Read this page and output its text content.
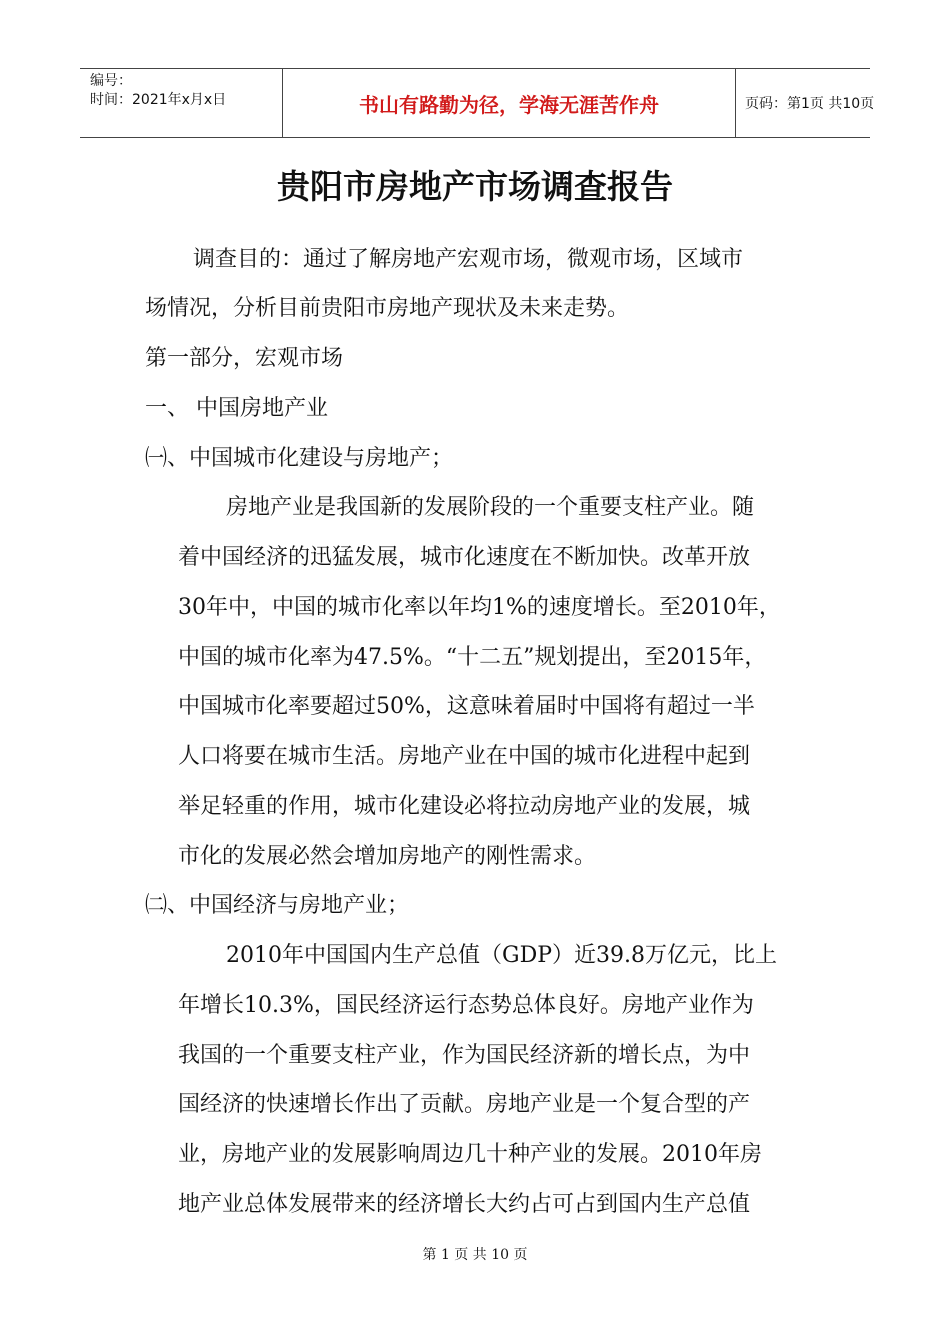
编号：
时间：2021年x月x日	书山有路勤为径，学海无涯苦作舟	页码：第1页 共10页
贵阳市房地产市场调查报告
调查目的：通过了解房地产宏观市场，微观市场，区域市
场情况，分析目前贵阳市房地产现状及未来走势。
第一部分，宏观市场
一、 中国房地产业
㈠、中国城市化建设与房地产；
房地产业是我国新的发展阶段的一个重要支柱产业。随
着中国经济的迅猛发展，城市化速度在不断加快。改革开放
30年中，中国的城市化率以年均1%的速度增长。至2010年，
中国的城市化率为47.5%。“十二五”规划提出，至2015年，
中国城市化率要超过50%，这意味着届时中国将有超过一半
人口将要在城市生活。房地产业在中国的城市化进程中起到
举足轻重的作用，城市化建设必将拉动房地产业的发展，城
市化的发展必然会增加房地产的刚性需求。
㈡、中国经济与房地产业；
2010年中国国内生产总值（GDP）近39.8万亿元，比上
年增长10.3%，国民经济运行态势总体良好。房地产业作为
我国的一个重要支柱产业，作为国民经济新的增长点，为中
国经济的快速增长作出了贡献。房地产业是一个复合型的产
业，房地产业的发展影响周边几十种产业的发展。2010年房
地产业总体发展带来的经济增长大约占可占到国内生产总值
第 1 页 共 10 页
